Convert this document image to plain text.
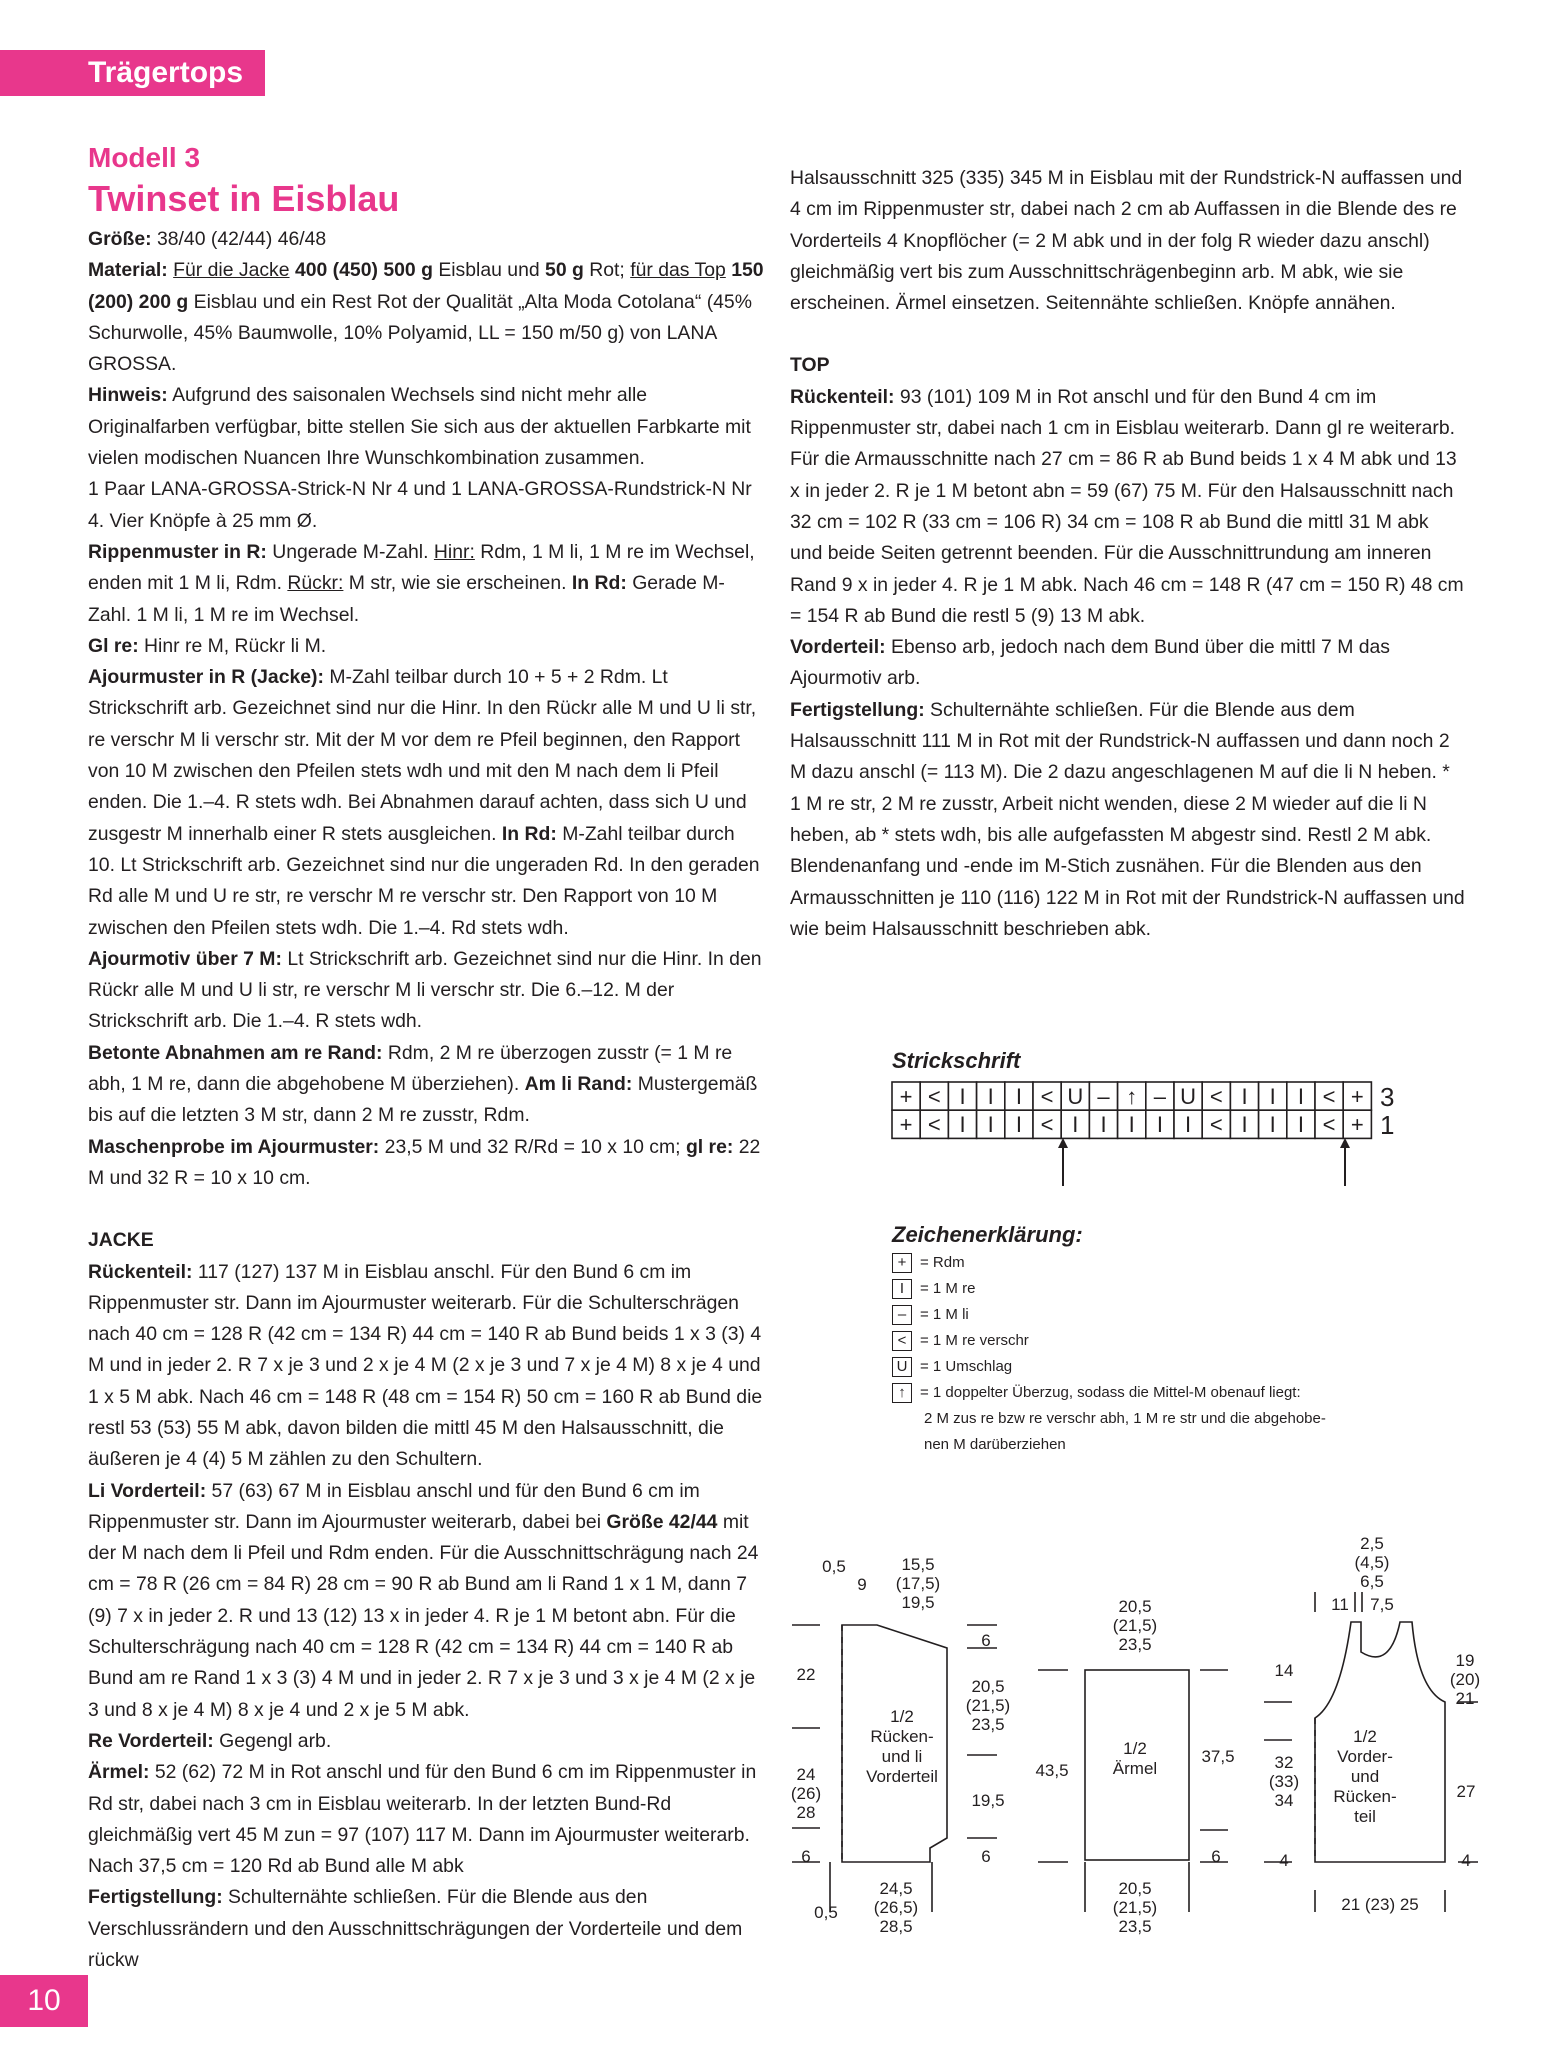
Trägertops

Modell 3

Twinset in Eisblau

Größe: 38/40 (42/44) 46/48

Material: Für die Jacke 400 (450) 500 g Eisblau und 50 g Rot; für das Top 150 (200) 200 g Eisblau und ein Rest Rot der Qualität „Alta Moda Cotolana“ (45% Schurwolle, 45% Baumwolle, 10% Polyamid, LL = 150 m/50 g) von LANA GROSSA.

Hinweis: Aufgrund des saisonalen Wechsels sind nicht mehr alle Originalfarben verfügbar, bitte stellen Sie sich aus der aktuellen Farbkarte mit vielen modischen Nuancen Ihre Wunschkombination zusammen.

1 Paar LANA-GROSSA-Strick-N Nr 4 und 1 LANA-GROSSA-Rundstrick-N Nr 4. Vier Knöpfe à 25 mm Ø.

Rippenmuster in R: Ungerade M-Zahl. Hinr: Rdm, 1 M li, 1 M re im Wechsel, enden mit 1 M li, Rdm. Rückr: M str, wie sie erscheinen. In Rd: Gerade M-Zahl. 1 M li, 1 M re im Wechsel.

Gl re: Hinr re M, Rückr li M.

Ajourmuster in R (Jacke): M-Zahl teilbar durch 10 + 5 + 2 Rdm. Lt Strickschrift arb. Gezeichnet sind nur die Hinr. In den Rückr alle M und U li str, re verschr M li verschr str. Mit der M vor dem re Pfeil beginnen, den Rapport von 10 M zwischen den Pfeilen stets wdh und mit den M nach dem li Pfeil enden. Die 1.–4. R stets wdh. Bei Abnahmen darauf achten, dass sich U und zusgestr M innerhalb einer R stets ausgleichen. In Rd: M-Zahl teilbar durch 10. Lt Strickschrift arb. Gezeichnet sind nur die ungeraden Rd. In den geraden Rd alle M und U re str, re verschr M re verschr str. Den Rapport von 10 M zwischen den Pfeilen stets wdh. Die 1.–4. Rd stets wdh.

Ajourmotiv über 7 M: Lt Strickschrift arb. Gezeichnet sind nur die Hinr. In den Rückr alle M und U li str, re verschr M li verschr str. Die 6.–12. M der Strickschrift arb. Die 1.–4. R stets wdh.

Betonte Abnahmen am re Rand: Rdm, 2 M re überzogen zusstr (= 1 M re abh, 1 M re, dann die abgehobene M überziehen). Am li Rand: Mustergemäß bis auf die letzten 3 M str, dann 2 M re zusstr, Rdm.

Maschenprobe im Ajourmuster: 23,5 M und 32 R/Rd = 10 x 10 cm; gl re: 22 M und 32 R = 10 x 10 cm.

JACKE

Rückenteil: 117 (127) 137 M in Eisblau anschl. Für den Bund 6 cm im Rippenmuster str. Dann im Ajourmuster weiterarb. Für die Schulterschrägen nach 40 cm = 128 R (42 cm = 134 R) 44 cm = 140 R ab Bund beids 1 x 3 (3) 4 M und in jeder 2. R 7 x je 3 und 2 x je 4 M (2 x je 3 und 7 x je 4 M) 8 x je 4 und 1 x 5 M abk. Nach 46 cm = 148 R (48 cm = 154 R) 50 cm = 160 R ab Bund die restl 53 (53) 55 M abk, davon bilden die mittl 45 M den Halsausschnitt, die äußeren je 4 (4) 5 M zählen zu den Schultern.

Li Vorderteil: 57 (63) 67 M in Eisblau anschl und für den Bund 6 cm im Rippenmuster str. Dann im Ajourmuster weiterarb, dabei bei Größe 42/44 mit der M nach dem li Pfeil und Rdm enden. Für die Ausschnittschrägung nach 24 cm = 78 R (26 cm = 84 R) 28 cm = 90 R ab Bund am li Rand 1 x 1 M, dann 7 (9) 7 x in jeder 2. R und 13 (12) 13 x in jeder 4. R je 1 M betont abn. Für die Schulterschrägung nach 40 cm = 128 R (42 cm = 134 R) 44 cm = 140 R ab Bund am re Rand 1 x 3 (3) 4 M und in jeder 2. R 7 x je 3 und 3 x je 4 M (2 x je 3 und 8 x je 4 M) 8 x je 4 und 2 x je 5 M abk.

Re Vorderteil: Gegengl arb.

Ärmel: 52 (62) 72 M in Rot anschl und für den Bund 6 cm im Rippenmuster in Rd str, dabei nach 3 cm in Eisblau weiterarb. In der letzten Bund-Rd gleichmäßig vert 45 M zun = 97 (107) 117 M. Dann im Ajourmuster weiterarb. Nach 37,5 cm = 120 Rd ab Bund alle M abk

Fertigstellung: Schulternähte schließen. Für die Blende aus den Verschlussrändern und den Ausschnittschrägungen der Vorderteile und dem rückw

Halsausschnitt 325 (335) 345 M in Eisblau mit der Rundstrick-N auffassen und 4 cm im Rippenmuster str, dabei nach 2 cm ab Auffassen in die Blende des re Vorderteils 4 Knopflöcher (= 2 M abk und in der folg R wieder dazu anschl) gleichmäßig vert bis zum Ausschnittschrägenbeginn arb. M abk, wie sie erscheinen. Ärmel einsetzen. Seitennähte schließen. Knöpfe annähen.

TOP

Rückenteil: 93 (101) 109 M in Rot anschl und für den Bund 4 cm im Rippenmuster str, dabei nach 1 cm in Eisblau weiterarb. Dann gl re weiterarb. Für die Armausschnitte nach 27 cm = 86 R ab Bund beids 1 x 4 M abk und 13 x in jeder 2. R je 1 M betont abn = 59 (67) 75 M. Für den Halsausschnitt nach 32 cm = 102 R (33 cm = 106 R) 34 cm = 108 R ab Bund die mittl 31 M abk und beide Seiten getrennt beenden. Für die Ausschnittrundung am inneren Rand 9 x in jeder 4. R je 1 M abk. Nach 46 cm = 148 R (47 cm = 150 R) 48 cm = 154 R ab Bund die restl 5 (9) 13 M abk.

Vorderteil: Ebenso arb, jedoch nach dem Bund über die mittl 7 M das Ajourmotiv arb.

Fertigstellung: Schulternähte schließen. Für die Blende aus dem Halsausschnitt 111 M in Rot mit der Rundstrick-N auffassen und dann noch 2 M dazu anschl (= 113 M). Die 2 dazu angeschlagenen M auf die li N heben. * 1 M re str, 2 M re zusstr, Arbeit nicht wenden, diese 2 M wieder auf die li N heben, ab * stets wdh, bis alle aufgefassten M abgestr sind. Restl 2 M abk. Blendenanfang und -ende im M-Stich zusnähen. Für die Blenden aus den Armausschnitten je 110 (116) 122 M in Rot mit der Rundstrick-N auffassen und wie beim Halsausschnitt beschrieben abk.

Strickschrift
+ < I I I < U – ↑ – U < I I I < +
+ < I I I < I I I I I < I I I < +
3
1
Zeichenerklärung:
+ = Rdm
I	= 1 M re
– = 1 M li
< = 1 M re verschr
U = 1 Umschlag
↑ = 1 doppelter Überzug, sodass die Mittel-M obenauf liegt:
2 M zus re bzw re verschr abh, 1 M re str und die abgehobe-
nen M darüberziehen
0,5
9
15,5
(17,5)
19,5
22
6
20,5
(21,5)
23,5
1/2
Rücken-
und li
Vorderteil
24
(26)
28
19,5
6	6
0,5
24,5
(26,5)
28,5
20,5
(21,5)
23,5
43,5
1/2
Ärmel
37,5
6
20,5
(21,5)
23,5
2,5
(4,5)
6,5
11 7,5
14
19
(20)
21
1/2
Vorder-
und
Rücken-
teil
32
(33)
34	27
4	4
21 (23) 25
10
